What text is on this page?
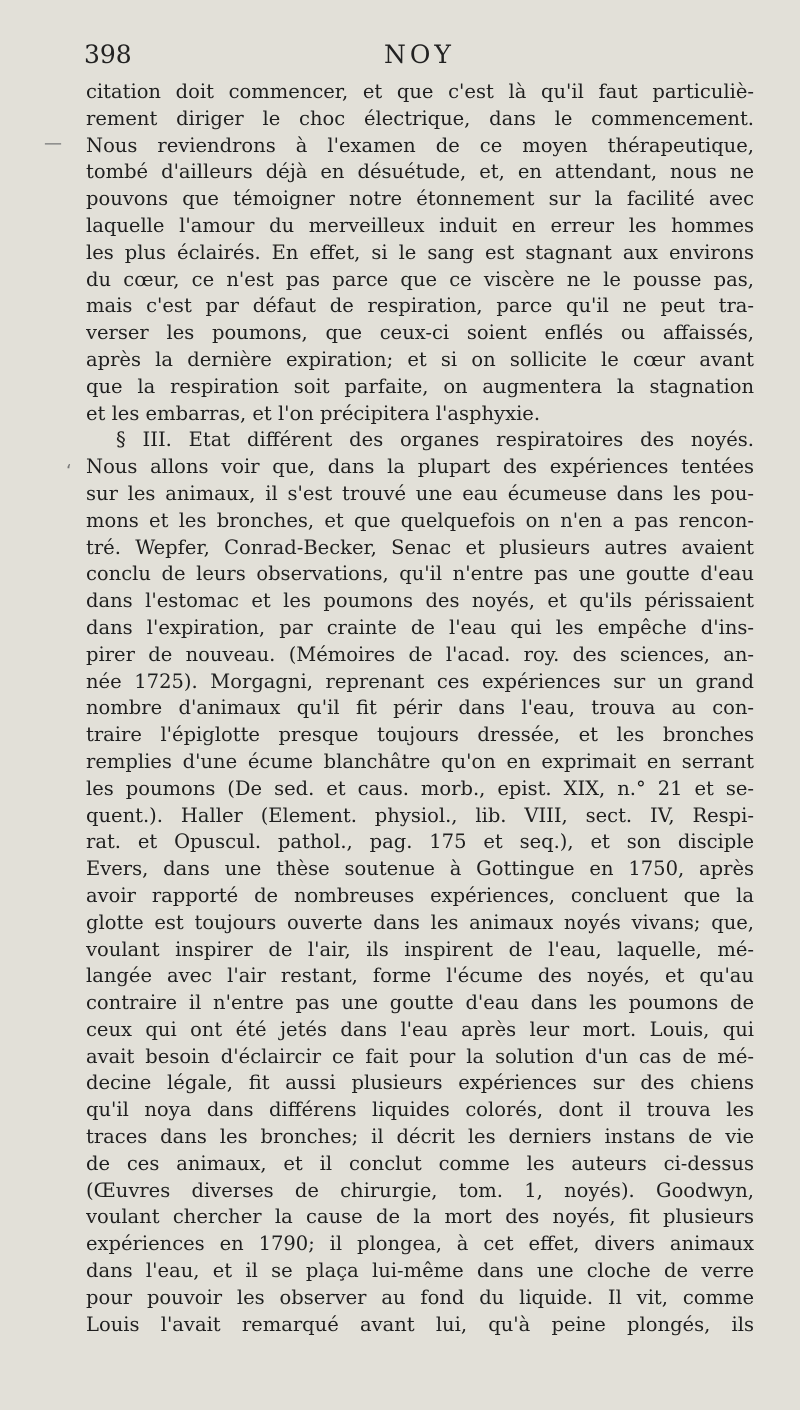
398	NOY
—
‘
citation doit commencer, et que c'est là qu'il faut particuliè-
rement diriger le choc électrique, dans le commencement.
Nous reviendrons à l'examen de ce moyen thérapeutique,
tombé d'ailleurs déjà en désuétude, et, en attendant, nous ne
pouvons que témoigner notre étonnement sur la facilité avec
laquelle l'amour du merveilleux induit en erreur les hommes
les plus éclairés. En effet, si le sang est stagnant aux environs
du cœur, ce n'est pas parce que ce viscère ne le pousse pas,
mais c'est par défaut de respiration, parce qu'il ne peut tra-
verser les poumons, que ceux-ci soient enflés ou affaissés,
après la dernière expiration; et si on sollicite le cœur avant
que la respiration soit parfaite, on augmentera la stagnation
et les embarras, et l'on précipitera l'asphyxie.
§ III. Etat différent des organes respiratoires des noyés.
Nous allons voir que, dans la plupart des expériences tentées
sur les animaux, il s'est trouvé une eau écumeuse dans les pou-
mons et les bronches, et que quelquefois on n'en a pas rencon-
tré. Wepfer, Conrad-Becker, Senac et plusieurs autres avaient
conclu de leurs observations, qu'il n'entre pas une goutte d'eau
dans l'estomac et les poumons des noyés, et qu'ils périssaient
dans l'expiration, par crainte de l'eau qui les empêche d'ins-
pirer de nouveau. (Mémoires de l'acad. roy. des sciences, an-
née 1725). Morgagni, reprenant ces expériences sur un grand
nombre d'animaux qu'il fit périr dans l'eau, trouva au con-
traire l'épiglotte presque toujours dressée, et les bronches
remplies d'une écume blanchâtre qu'on en exprimait en serrant
les poumons (De sed. et caus. morb., epist. XIX, n.° 21 et se-
quent.). Haller (Element. physiol., lib. VIII, sect. IV, Respi-
rat. et Opuscul. pathol., pag. 175 et seq.), et son disciple
Evers, dans une thèse soutenue à Gottingue en 1750, après
avoir rapporté de nombreuses expériences, concluent que la
glotte est toujours ouverte dans les animaux noyés vivans; que,
voulant inspirer de l'air, ils inspirent de l'eau, laquelle, mé-
langée avec l'air restant, forme l'écume des noyés, et qu'au
contraire il n'entre pas une goutte d'eau dans les poumons de
ceux qui ont été jetés dans l'eau après leur mort. Louis, qui
avait besoin d'éclaircir ce fait pour la solution d'un cas de mé-
decine légale, fit aussi plusieurs expériences sur des chiens
qu'il noya dans différens liquides colorés, dont il trouva les
traces dans les bronches; il décrit les derniers instans de vie
de ces animaux, et il conclut comme les auteurs ci-dessus
(Œuvres diverses de chirurgie, tom. 1, noyés). Goodwyn,
voulant chercher la cause de la mort des noyés, fit plusieurs
expériences en 1790; il plongea, à cet effet, divers animaux
dans l'eau, et il se plaça lui-même dans une cloche de verre
pour pouvoir les observer au fond du liquide. Il vit, comme
Louis l'avait remarqué avant lui, qu'à peine plongés, ils
